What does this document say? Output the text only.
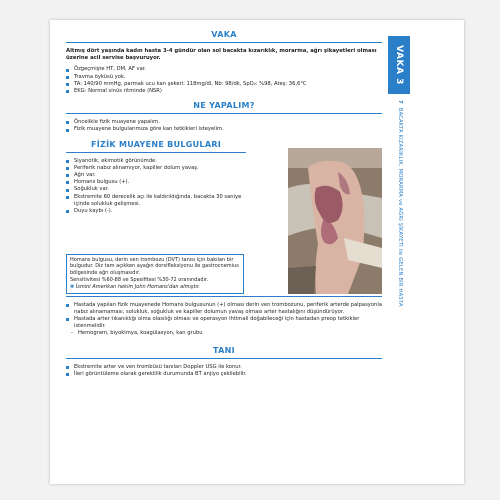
VAKA 3
7BACAKTA KIZARIKLIK, MORARMA ve AĞRI ŞİKAYETİ ile GELEN BİR HASTA
VAKA

Altmış dört yaşında kadın hasta 3-4 gündür olan sol bacakta kızarıklık, morarma, ağrı şikayetleri olması üzerine acil servise başvuruyor.

Özgeçmişte HT, DM, AF var.
Travma öyküsü yok.
TA: 140/90 mmHg, parmak ucu kan şekeri: 118mg/dl, Nb: 98/dk, SpO₂: %98, Ateş: 36,6°C
EKG: Normal sinüs ritminde (NSR)
NE YAPALIM?
Öncelikle fizik muayene yapalım.
Fizik muayene bulgularımıza göre kan tetkikleri isteyelim.
FİZİK MUAYENE BULGULARI
Siyanotik, ekimotik görünümde.
Periferik nabız alınamıyor, kapiller dolum yavaş.
Ağrı var.
Homans bulgusu (+).
Soğukluk var.
Ekstremite 60 derecelik açı ile kaldırıldığında, bacakta 30 saniye içinde solukluk gelişmesi.
Duyu kaybı (-).
Homans bulgusu, derin ven trombozu (DVT) tanısı için bakılan bir bulgudur. Diz tam açıkken ayağın dorsifleksiyonu ile gastrocnemius bölgesinde ağrı oluşmasıdır.
Sensitivitesi %60-88 ve Spesifitesi %30-72 oranındadır.
✽ İsmini Amerikan hekim John Homans'dan almıştır.
Hastada yapılan fizik muayenede Homans bulgusunun (+) olması derin ven trombozunu, periferik arterde palpasyonla nabız alınamaması, solukluk, soğukluk ve kapiller dolumun yavaş olması arter hastalığını düşündürüyor.
Hastada arter tıkanıklığı olma olasılığı olması ve operasyon ihtimali doğabileceği için hastadan preop tetkikler istenmelidir.
- Hemogram, biyokimya, koagülasyon, kan grubu
TANI
Ekstremite arter ve ven trombüsü tanıları Doppler USG ile konur.
İleri görüntüleme olarak gereklilik durumunda BT anjiyo çekilebilir.
